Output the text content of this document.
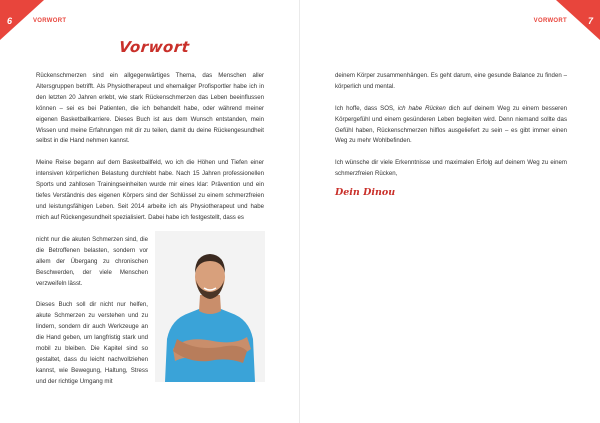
6	VORWORT
Vorwort

Rückenschmerzen sind ein allgegenwärtiges Thema, das Menschen aller Altersgruppen betrifft. Als Physiotherapeut und ehemaliger Profisportler habe ich in den letzten 20 Jahren erlebt, wie stark Rückenschmerzen das Leben beeinflussen können – sei es bei Patienten, die ich behandelt habe, oder während meiner eigenen Basketballkarriere. Dieses Buch ist aus dem Wunsch entstanden, mein Wissen und meine Erfahrungen mit dir zu teilen, damit du deine Rückengesundheit selbst in die Hand nehmen kannst.

Meine Reise begann auf dem Basketballfeld, wo ich die Höhen und Tiefen einer intensiven körperlichen Belastung durchlebt habe. Nach 15 Jahren professionellen Sports und zahllosen Trainingseinheiten wurde mir eines klar: Prävention und ein tiefes Verständnis des eigenen Körpers sind der Schlüssel zu einem schmerzfreien und leistungsfähigen Leben. Seit 2014 arbeite ich als Physiotherapeut und habe mich auf Rückengesundheit spezialisiert. Dabei habe ich festgestellt, dass es

nicht nur die akuten Schmerzen sind, die die Betroffenen belasten, sondern vor allem der Übergang zu chronischen Beschwerden, der viele Menschen verzweifeln lässt.

Dieses Buch soll dir nicht nur helfen, akute Schmerzen zu verstehen und zu lindern, sondern dir auch Werkzeuge an die Hand geben, um langfristig stark und mobil zu bleiben. Die Kapitel sind so gestaltet, dass du leicht nachvollziehen kannst, wie Bewegung, Haltung, Stress und der richtige Umgang mit

7
VORWORT

deinem Körper zusammenhängen. Es geht darum, eine gesunde Balance zu finden – körperlich und mental.

Ich hoffe, dass SOS, ich habe Rücken dich auf deinem Weg zu einem besseren Körpergefühl und einem gesünderen Leben begleiten wird. Denn niemand sollte das Gefühl haben, Rückenschmerzen hilflos ausgeliefert zu sein – es gibt immer einen Weg zu mehr Wohlbefinden.

Ich wünsche dir viele Erkenntnisse und maximalen Erfolg auf deinem Weg zu einem schmerzfreien Rücken,

Dein Dinou
